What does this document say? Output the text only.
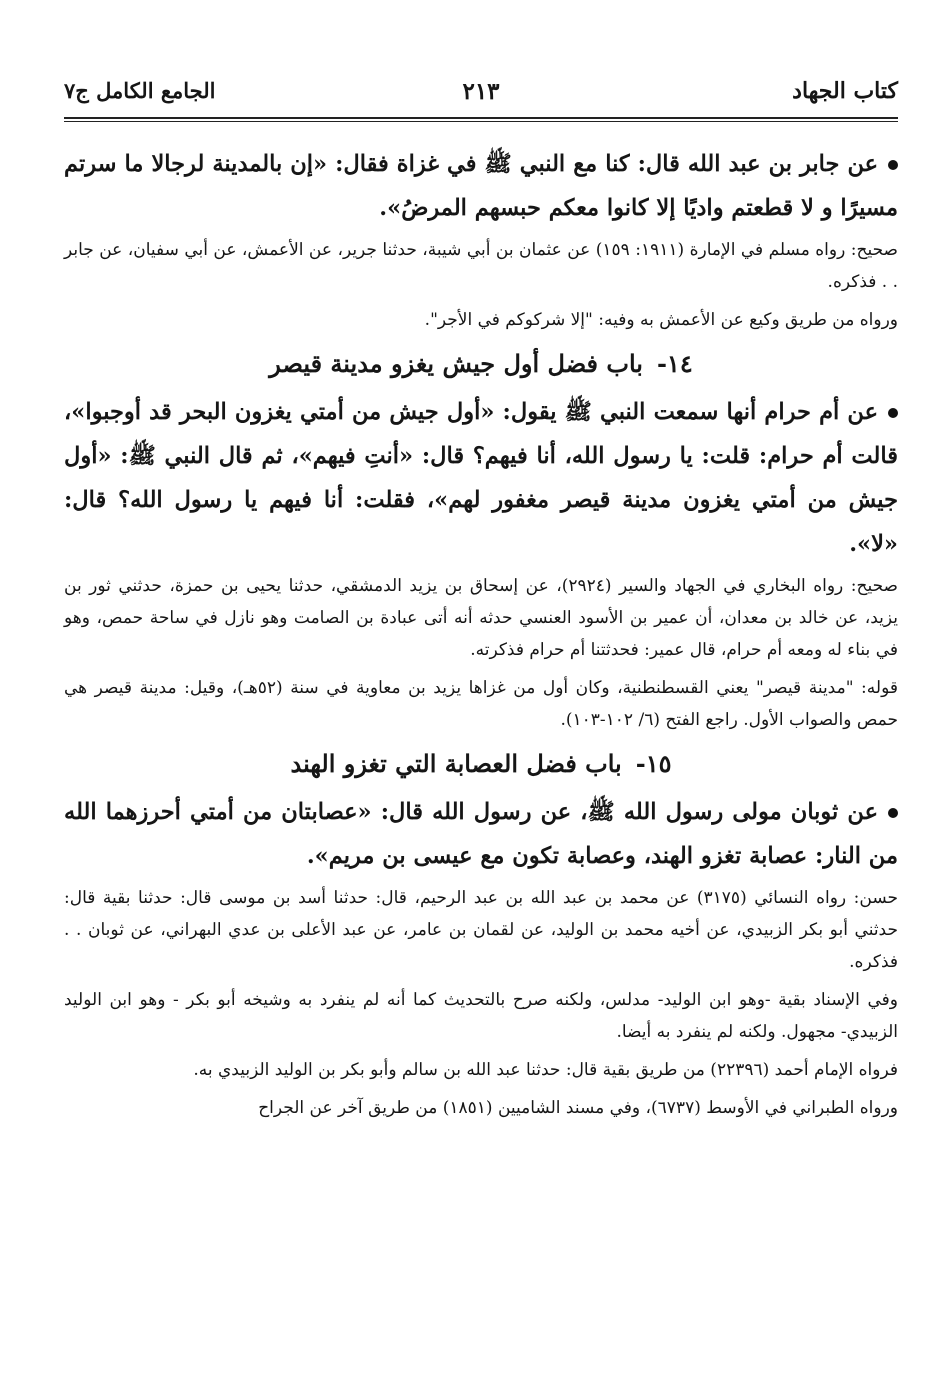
كتاب الجهاد
٢١٣
الجامع الكامل ج٧

عن جابر بن عبد الله قال: كنا مع النبي ﷺ في غزاة فقال: «إن بالمدينة لرجالا ما سرتم مسيرًا و لا قطعتم واديًا إلا كانوا معكم حبسهم المرضُ».

صحيح: رواه مسلم في الإمارة (١٩١١: ١٥٩) عن عثمان بن أبي شيبة، حدثنا جرير، عن الأعمش، عن أبي سفيان، عن جابر . . فذكره.

ورواه من طريق وكيع عن الأعمش به وفيه: "إلا شركوكم في الأجر".

١٤-باب فضل أول جيش يغزو مدينة قيصر

عن أم حرام أنها سمعت النبي ﷺ يقول: «أول جيش من أمتي يغزون البحر قد أوجبوا»، قالت أم حرام: قلت: يا رسول الله، أنا فيهم؟ قال: «أنتِ فيهم»، ثم قال النبي ﷺ: «أول جيش من أمتي يغزون مدينة قيصر مغفور لهم»، فقلت: أنا فيهم يا رسول الله؟ قال: «لا».

صحيح: رواه البخاري في الجهاد والسير (٢٩٢٤)، عن إسحاق بن يزيد الدمشقي، حدثنا يحيى بن حمزة، حدثني ثور بن يزيد، عن خالد بن معدان، أن عمير بن الأسود العنسي حدثه أنه أتى عبادة بن الصامت وهو نازل في ساحة حمص، وهو في بناء له ومعه أم حرام، قال عمير: فحدثتنا أم حرام فذكرته.

قوله: "مدينة قيصر" يعني القسطنطنية، وكان أول من غزاها يزيد بن معاوية في سنة (٥٢هـ)، وقيل: مدينة قيصر هي حمص والصواب الأول. راجع الفتح (٦/ ١٠٢-١٠٣).

١٥-باب فضل العصابة التي تغزو الهند

عن ثوبان مولى رسول الله ﷺ، عن رسول الله قال: «عصابتان من أمتي أحرزهما الله من النار: عصابة تغزو الهند، وعصابة تكون مع عيسى بن مريم».

حسن: رواه النسائي (٣١٧٥) عن محمد بن عبد الله بن عبد الرحيم، قال: حدثنا أسد بن موسى قال: حدثنا بقية قال: حدثني أبو بكر الزبيدي، عن أخيه محمد بن الوليد، عن لقمان بن عامر، عن عبد الأعلى بن عدي البهراني، عن ثوبان . . فذكره.

وفي الإسناد بقية -وهو ابن الوليد- مدلس، ولكنه صرح بالتحديث كما أنه لم ينفرد به وشيخه أبو بكر - وهو ابن الوليد الزبيدي- مجهول. ولكنه لم ينفرد به أيضا.

فرواه الإمام أحمد (٢٢٣٩٦) من طريق بقية قال: حدثنا عبد الله بن سالم وأبو بكر بن الوليد الزبيدي به.

ورواه الطبراني في الأوسط (٦٧٣٧)، وفي مسند الشاميين (١٨٥١) من طريق آخر عن الجراح
